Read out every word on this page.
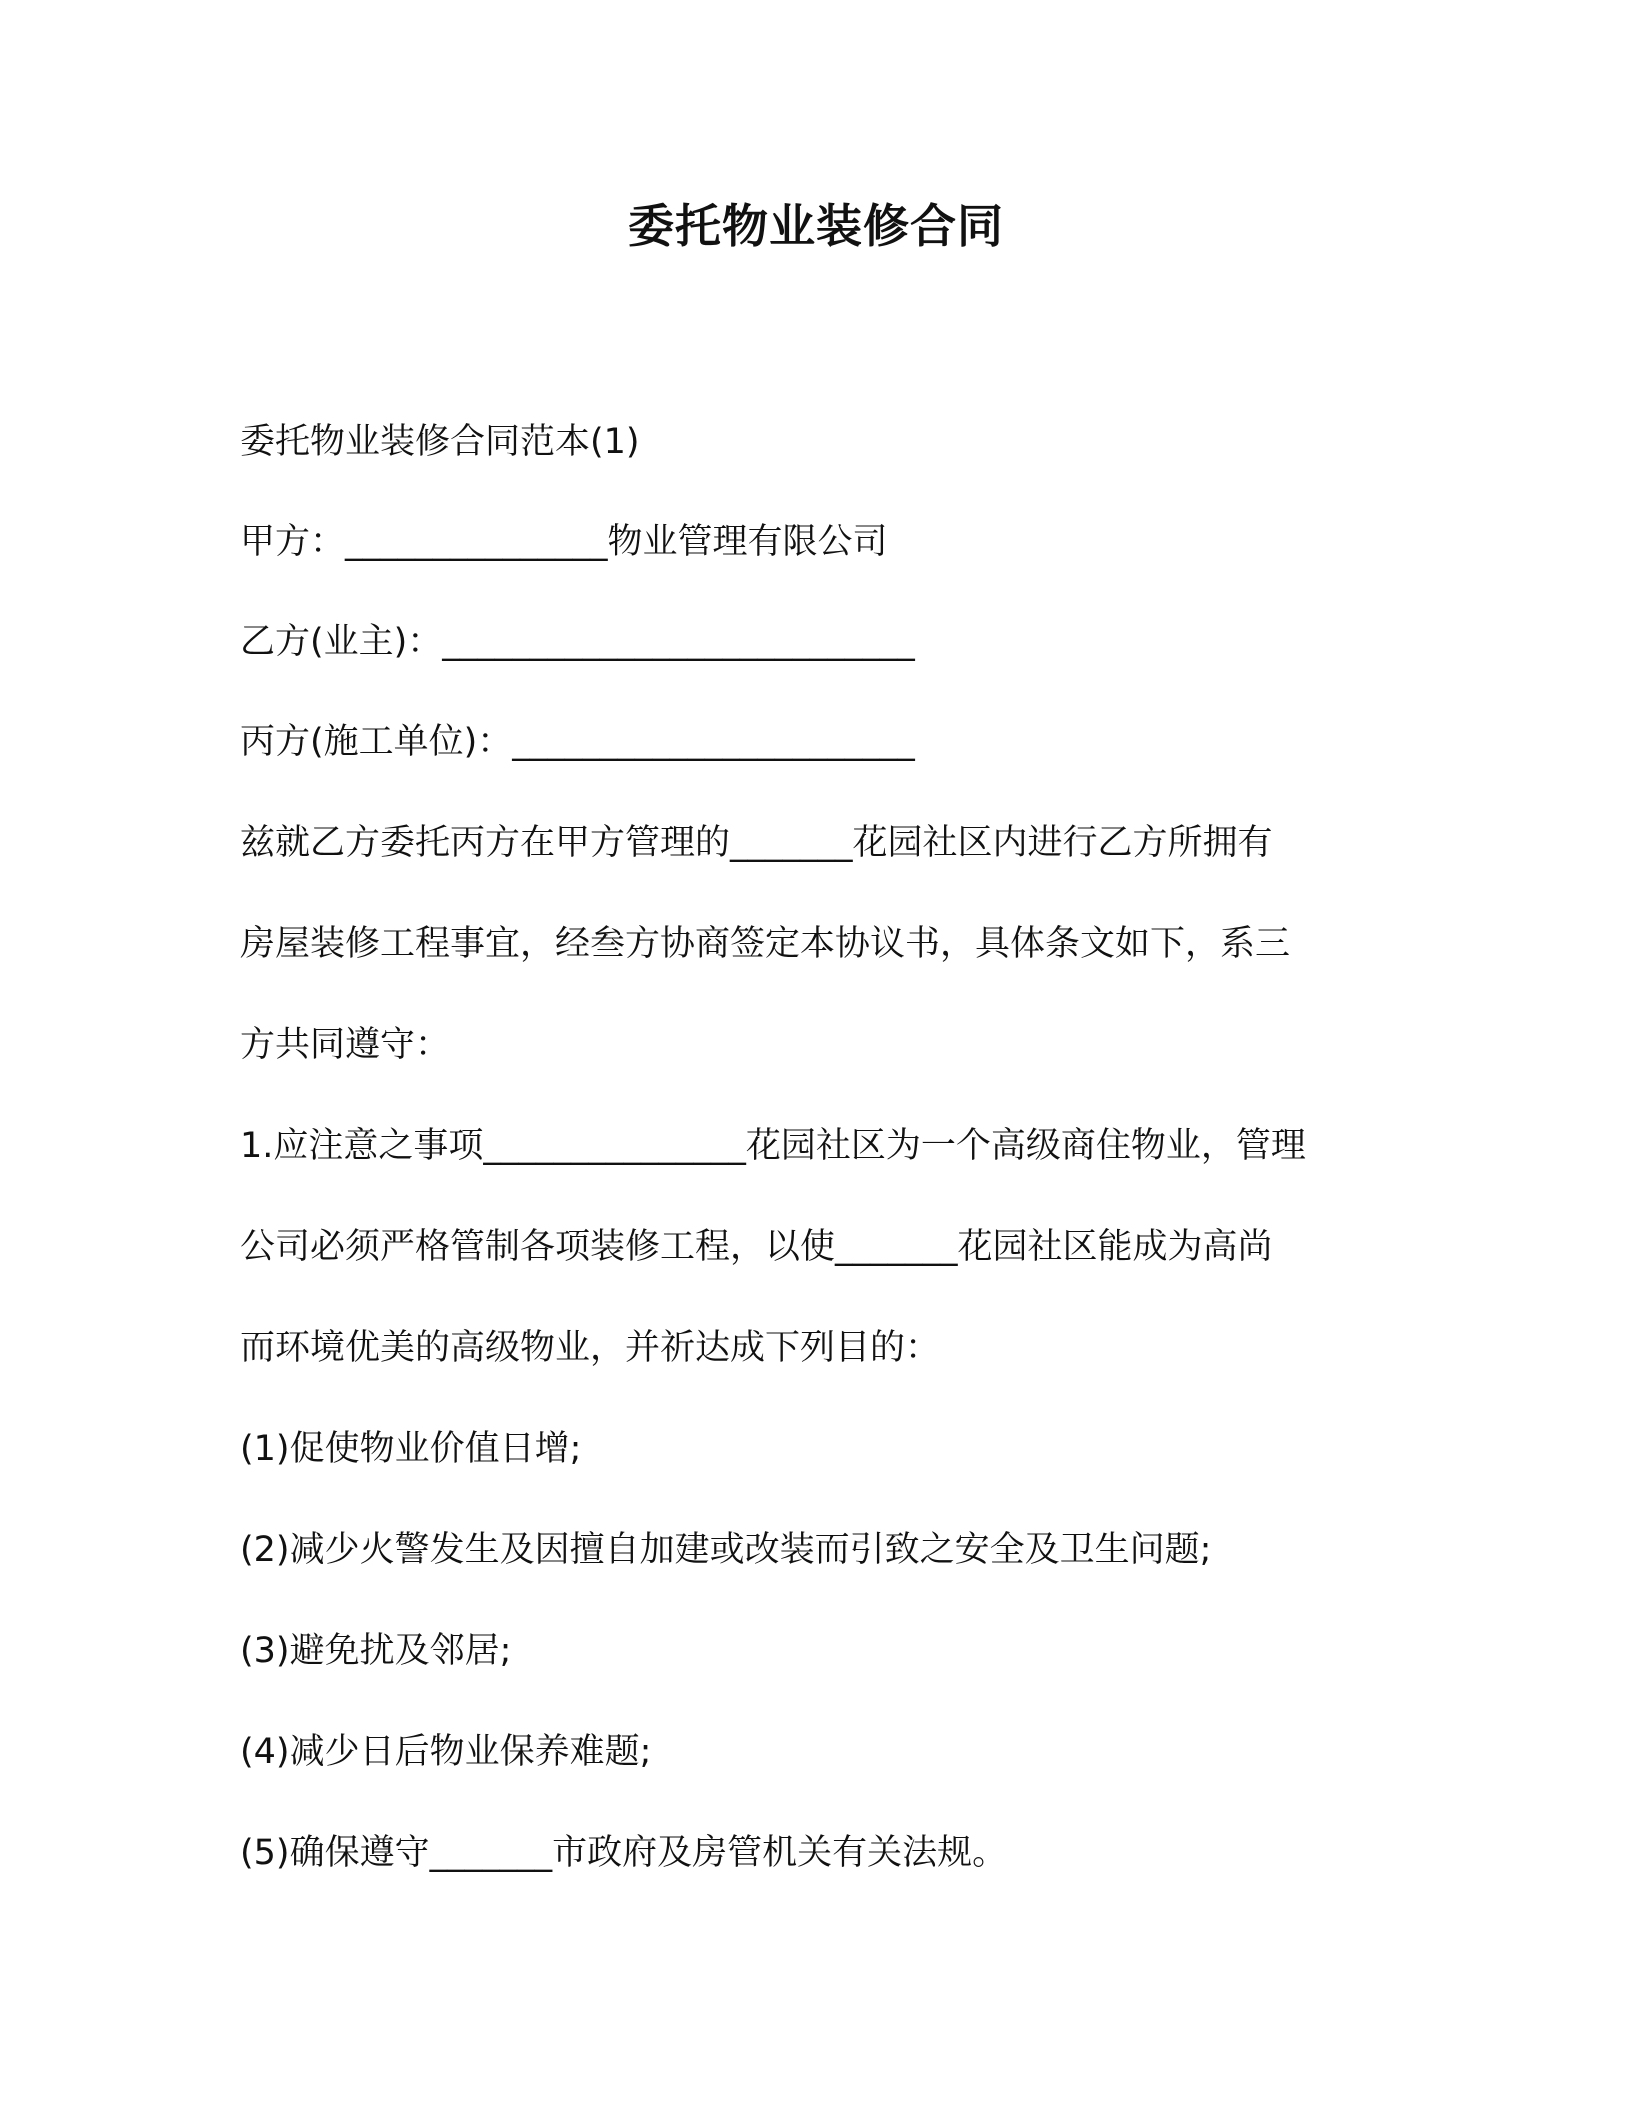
委托物业装修合同

委托物业装修合同范本(1)

甲方：_______________物业管理有限公司

乙方(业主)：___________________________

丙方(施工单位)：_______________________

兹就乙方委托丙方在甲方管理的_______花园社区内进行乙方所拥有

房屋装修工程事宜，经叁方协商签定本协议书，具体条文如下，系三

方共同遵守：

1.应注意之事项_______________花园社区为一个高级商住物业，管理

公司必须严格管制各项装修工程，以使_______花园社区能成为高尚

而环境优美的高级物业，并祈达成下列目的：

(1)促使物业价值日增;

(2)减少火警发生及因擅自加建或改装而引致之安全及卫生问题;

(3)避免扰及邻居;

(4)减少日后物业保养难题;

(5)确保遵守_______市政府及房管机关有关法规。
